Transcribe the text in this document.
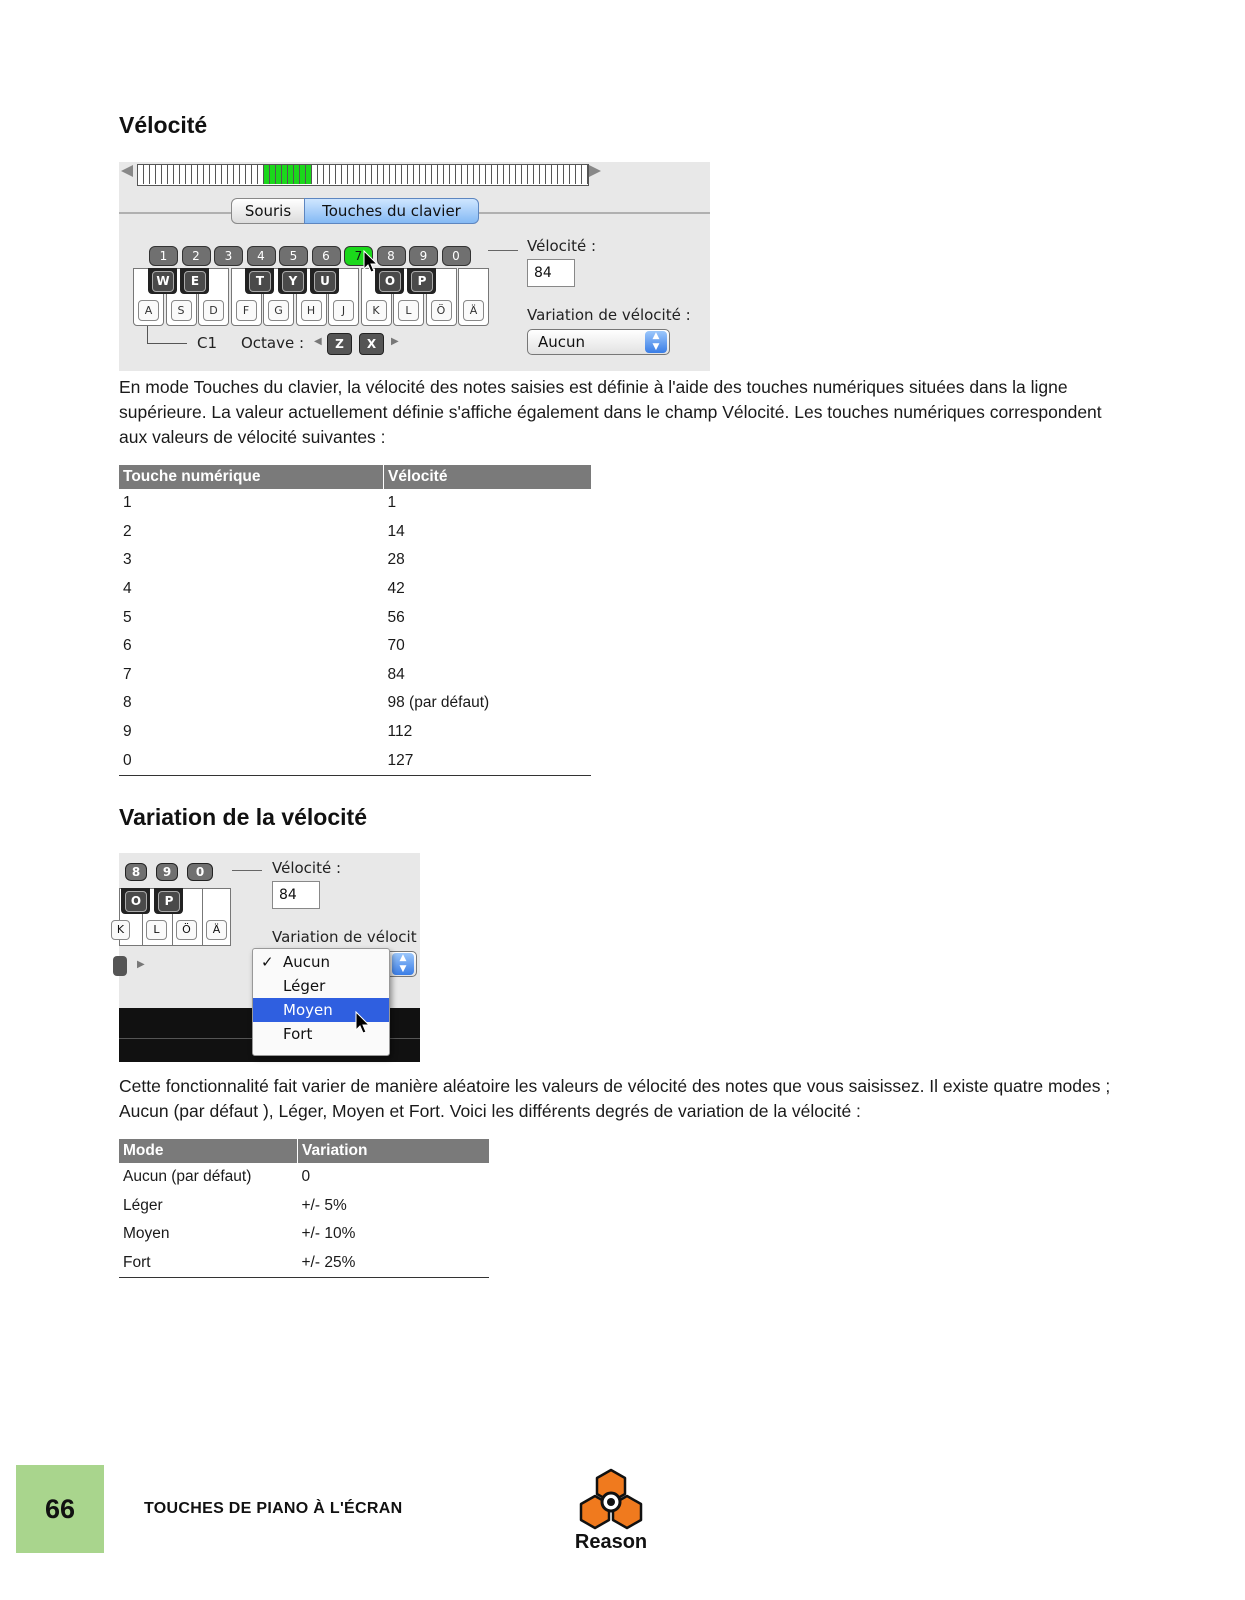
Vélocité
Souris	Touches du clavier
1	2	3	4	5	6	7	8	9	0
A	S	D	F	G	H	J	K	L	Ö	Ä
W	E	T	Y	U	O	P
C1 Octave : ◀	Z	X	▶
Vélocité :
84
Variation de vélocité :
Aucun	▲
▼
En mode Touches du clavier, la vélocité des notes saisies est définie à l'aide des touches numériques situées dans la ligne supérieure. La valeur actuellement définie s'affiche également dans le champ Vélocité. Les touches numériques correspondent aux valeurs de vélocité suivantes :
Touche numérique	Vélocité
1	1
2	14
3	28
4	42
5	56
6	70
7	84
8	98 (par défaut)
9	112
0	127
Variation de la vélocité
8	9	0
O	P
K	L	Ö	Ä
▶
Vélocité :
84
Variation de vélocit
▲
▼
✓ Aucun
Léger
Moyen
Fort
Cette fonctionnalité fait varier de manière aléatoire les valeurs de vélocité des notes que vous saisissez. Il existe quatre modes ; Aucun (par défaut ), Léger, Moyen et Fort. Voici les différents degrés de variation de la vélocité :
Mode	Variation
Aucun (par défaut)	0
Léger	+/- 5%
Moyen	+/- 10%
Fort	+/- 25%
66	TOUCHES DE PIANO À L'ÉCRAN
Reason
